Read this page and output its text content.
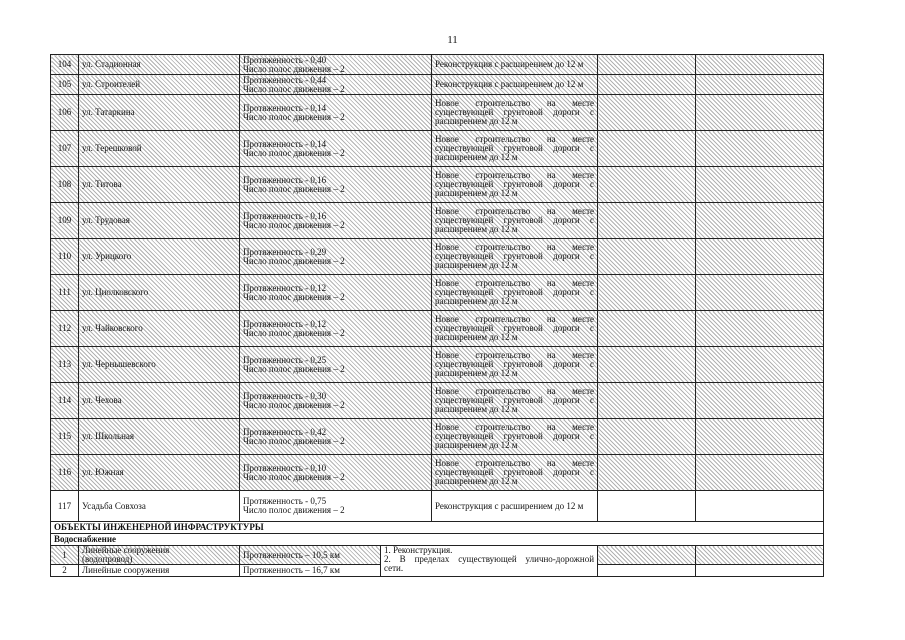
11
104	ул. Стадионная	Протяженность - 0,40
Число полос движения – 2		Реконструкция с расширением до 12 м		

105	ул. Строителей	Протяженность - 0,44
Число полос движения – 2		Реконструкция с расширением до 12 м		

106	ул. Татаркина	Протяженность - 0,14
Число полос движения – 2		Новое строительство на месте
существующей грунтовой дороги с
расширением до 12 м		

107	ул. Терешковой	Протяженность - 0,14
Число полос движения – 2		Новое строительство на месте
существующей грунтовой дороги с
расширением до 12 м		

108	ул. Титова	Протяженность - 0,16
Число полос движения – 2		Новое строительство на месте
существующей грунтовой дороги с
расширением до 12 м		

109	ул. Трудовая	Протяженность - 0,16
Число полос движения – 2		Новое строительство на месте
существующей грунтовой дороги с
расширением до 12 м		

110	ул. Урицкого	Протяженность - 0,29
Число полос движения – 2		Новое строительство на месте
существующей грунтовой дороги с
расширением до 12 м		

111	ул. Циолковского	Протяженность - 0,12
Число полос движения – 2		Новое строительство на месте
существующей грунтовой дороги с
расширением до 12 м		

112	ул. Чайковского	Протяженность - 0,12
Число полос движения – 2		Новое строительство на месте
существующей грунтовой дороги с
расширением до 12 м		

113	ул. Чернышевского	Протяженность - 0,25
Число полос движения – 2		Новое строительство на месте
существующей грунтовой дороги с
расширением до 12 м		

114	ул. Чехова	Протяженность - 0,30
Число полос движения – 2		Новое строительство на месте
существующей грунтовой дороги с
расширением до 12 м		

115	ул. Школьная	Протяженность - 0,42
Число полос движения – 2		Новое строительство на месте
существующей грунтовой дороги с
расширением до 12 м		

116	ул. Южная	Протяженность - 0,10
Число полос движения – 2		Новое строительство на месте
существующей грунтовой дороги с
расширением до 12 м		

117	Усадьба Совхоза	Протяженность - 0,75
Число полос движения – 2		Реконструкция с расширением до 12 м		

ОБЪЕКТЫ ИНЖЕНЕРНОЙ ИНФРАСТРУКТУРЫ						
Водоснабжение						
1	Линейные сооружения
(водопровод)	Протяженность – 10,5 км	1. Реконструкция.
2. В пределах существующей улично-дорожной
сети.			

2	Линейные сооружения	Протяженность – 16,7 км				
